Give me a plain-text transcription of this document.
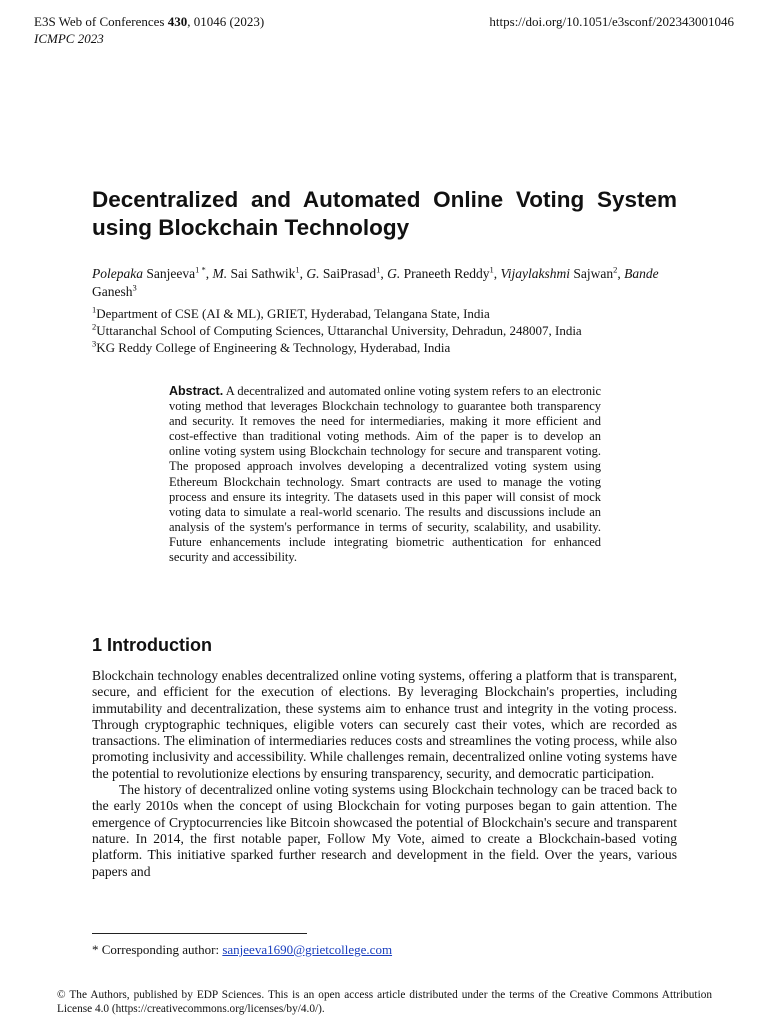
E3S Web of Conferences 430, 01046 (2023)
ICMPC 2023
https://doi.org/10.1051/e3sconf/202343001046
Decentralized and Automated Online Voting System using Blockchain Technology
Polepaka Sanjeeva$^{1 *}$, M. Sai Sathwik$^1$, G. SaiPrasad$^1$, G. Praneeth Reddy$^1$, Vijaylakshmi Sajwan$^2$, Bande Ganesh$^3$
$^1$Department of CSE (AI & ML), GRIET, Hyderabad, Telangana State, India
$^2$Uttaranchal School of Computing Sciences, Uttaranchal University, Dehradun, 248007, India
$^3$KG Reddy College of Engineering & Technology, Hyderabad, India
Abstract. A decentralized and automated online voting system refers to an electronic voting method that leverages Blockchain technology to guarantee both transparency and security. It removes the need for intermediaries, making it more efficient and cost-effective than traditional voting methods. Aim of the paper is to develop an online voting system using Blockchain technology for secure and transparent voting. The proposed approach involves developing a decentralized voting system using Ethereum Blockchain technology. Smart contracts are used to manage the voting process and ensure its integrity. The datasets used in this paper will consist of mock voting data to simulate a real-world scenario. The results and discussions include an analysis of the system's performance in terms of security, scalability, and usability. Future enhancements include integrating biometric authentication for enhanced security and accessibility.
1 Introduction

Blockchain technology enables decentralized online voting systems, offering a platform that is transparent, secure, and efficient for the execution of elections. By leveraging Blockchain's properties, including immutability and decentralization, these systems aim to enhance trust and integrity in the voting process. Through cryptographic techniques, eligible voters can securely cast their votes, which are recorded as transactions. The elimination of intermediaries reduces costs and streamlines the voting process, while also promoting inclusivity and accessibility. While challenges remain, decentralized online voting systems have the potential to revolutionize elections by ensuring transparency, security, and democratic participation.

The history of decentralized online voting systems using Blockchain technology can be traced back to the early 2010s when the concept of using Blockchain for voting purposes began to gain attention. The emergence of Cryptocurrencies like Bitcoin showcased the potential of Blockchain's secure and transparent nature. In 2014, the first notable paper, Follow My Vote, aimed to create a Blockchain-based voting platform. This initiative sparked further research and development in the field. Over the years, various papers and

* Corresponding author: sanjeeva1690@grietcollege.com
© The Authors, published by EDP Sciences. This is an open access article distributed under the terms of the Creative Commons Attribution License 4.0 (https://creativecommons.org/licenses/by/4.0/).
